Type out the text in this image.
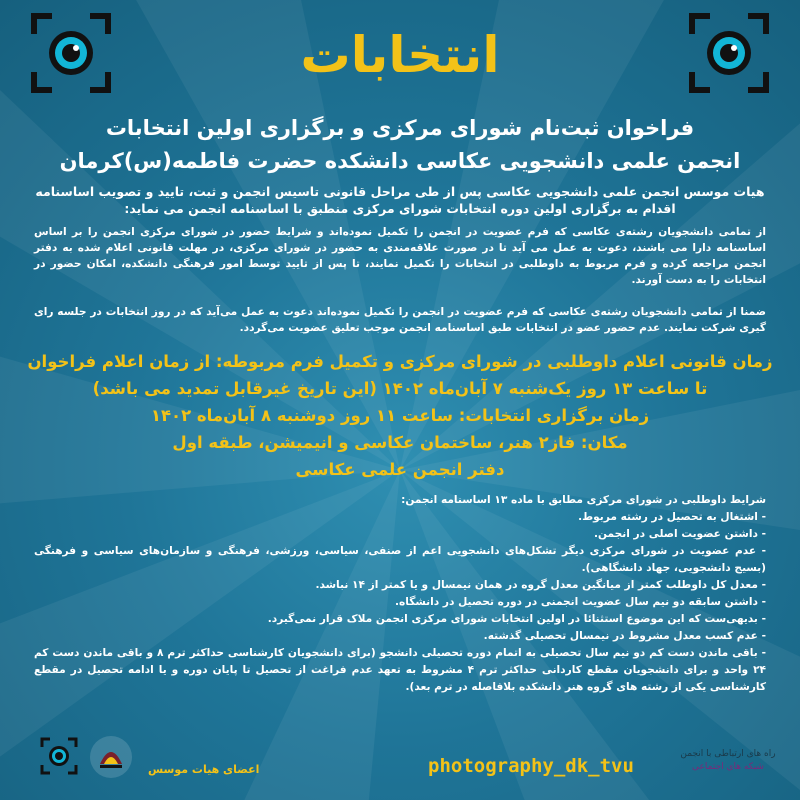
انتخابات
فراخوان ثبت‌نام شورای مرکزی و برگزاری اولین انتخابات
انجمن علمی دانشجویی عکاسی دانشکده حضرت فاطمه(س)کرمان
هیات موسس انجمن علمی دانشجویی عکاسی پس از طی مراحل قانونی تاسیس انجمن و ثبت، تایید و تصویب اساسنامه اقدام به برگزاری اولین دوره انتخابات شورای مرکزی منطبق با اساسنامه انجمن می نماید:
از تمامی دانشجویان رشته‌ی عکاسی که فرم عضویت در انجمن را تکمیل نموده‌اند و شرایط حضور در شورای مرکزی انجمن را بر اساس اساسنامه دارا می باشند، دعوت به عمل می آید تا در صورت علاقه‌مندی به حضور در شورای مرکزی، در مهلت قانونی اعلام شده به دفتر انجمن مراجعه کرده و فرم مربوط به داوطلبی در انتخابات را تکمیل نمایند، تا پس از تایید توسط امور فرهنگی دانشکده، امکان حضور در انتخابات را به دست آورند.
ضمنا از تمامی دانشجویان رشته‌ی عکاسی که فرم عضویت در انجمن را تکمیل نموده‌اند دعوت به عمل می‌آید که در روز انتخابات در جلسه رای گیری شرکت نمایند. عدم حضور عضو در انتخابات طبق اساسنامه انجمن موجب تعلیق عضویت می‌گردد.
زمان قانونی اعلام داوطلبی در شورای مرکزی و تکمیل فرم مربوطه: از زمان اعلام فراخوان
تا ساعت ۱۳ روز یک‌شنبه ۷ آبان‌ماه ۱۴۰۲ (این تاریخ غیرقابل تمدید می باشد)
زمان برگزاری انتخابات: ساعت ۱۱ روز دوشنبه ۸ آبان‌ماه ۱۴۰۲
مکان: فاز۲ هنر، ساختمان عکاسی و انیمیشن، طبقه اول
دفتر انجمن علمی عکاسی
شرایط داوطلبی در شورای مرکزی مطابق با ماده ۱۳ اساسنامه انجمن:
- اشتغال به تحصیل در رشته مربوط.
- داشتن عضویت اصلی در انجمن.
- عدم عضویت در شورای مرکزی دیگر تشکل‌های دانشجویی اعم از صنفی، سیاسی، ورزشی، فرهنگی و سازمان‌های سیاسی و فرهنگی (بسیج دانشجویی، جهاد دانشگاهی).
- معدل کل داوطلب کمتر از میانگین معدل گروه در همان نیمسال و یا کمتر از ۱۴ نباشد.
- داشتن سابقه دو نیم سال عضویت انجمنی در دوره تحصیل در دانشگاه.
- بدیهی‌ست که این موضوع استثنائا در اولین انتخابات شورای مرکزی انجمن ملاک قرار نمی‌گیرد.
- عدم کسب معدل مشروط در نیمسال تحصیلی گذشته.
- باقی ماندن دست کم دو نیم سال تحصیلی به اتمام دوره تحصیلی دانشجو (برای دانشجویان کارشناسی حداکثر ترم ۸ و باقی ماندن دست کم ۲۴ واحد و برای دانشجویان مقطع کاردانی حداکثر ترم ۴ مشروط به تعهد عدم فراغت از تحصیل تا پایان دوره و یا ادامه تحصیل در مقطع کارشناسی یکی از رشته های گروه هنر دانشکده بلافاصله در ترم بعد).
اعضای هیات موسس	photography_dk_tvu
راه های ارتباطی با انجمن
شبکه های اجتماعی
